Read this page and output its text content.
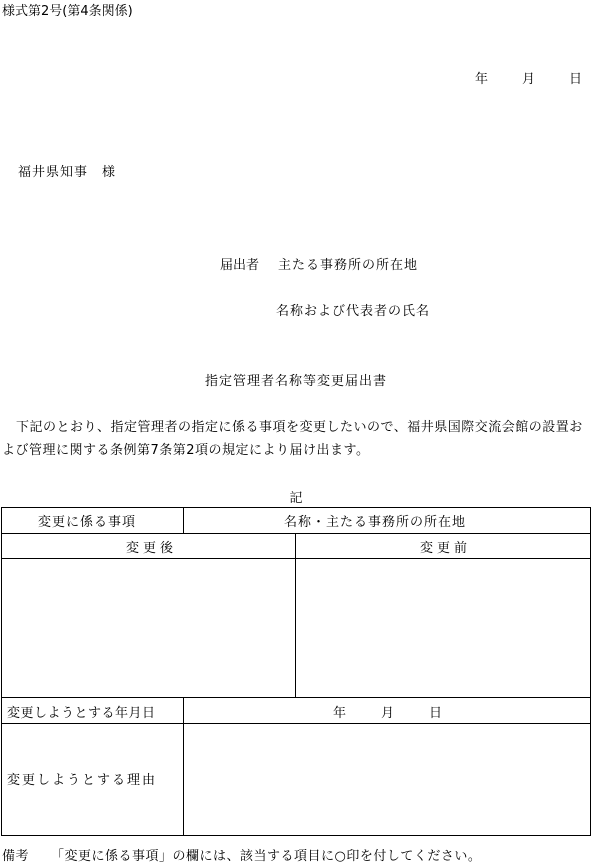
様式第2号(第4条関係)
年	月	日
福井県知事　様
届出者 主たる事務所の所在地
名称および代表者の氏名
指定管理者名称等変更届出書
下記のとおり、指定管理者の指定に係る事項を変更したいので、福井県国際交流会館の設置および管理に関する条例第7条第2項の規定により届け出ます。
記
変更に係る事項	名称・主たる事務所の所在地
変更後	変更前
変更しようとする年月日	年	月	日
変更しようとする理由
備考 「変更に係る事項」の欄には、該当する項目に○印を付してください。
